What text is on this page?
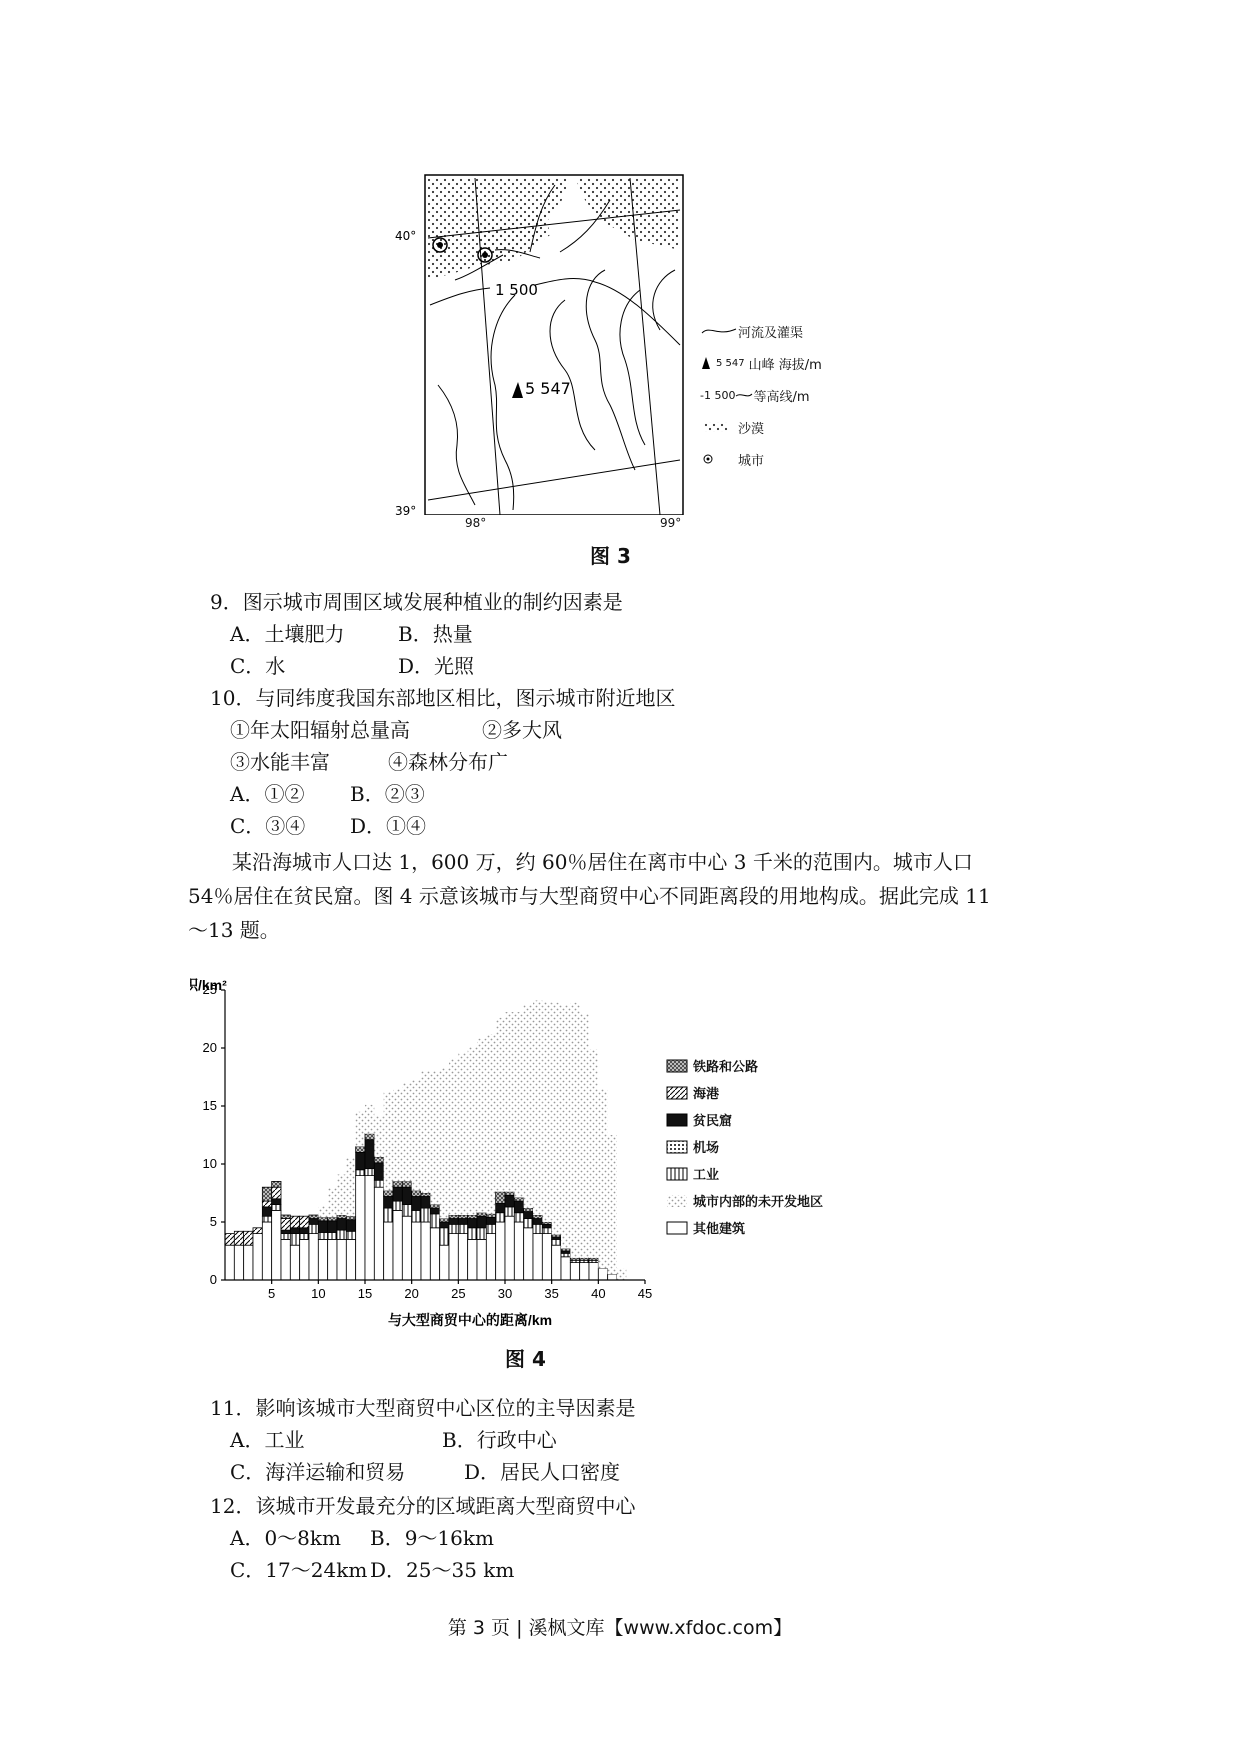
1 500
5 547
40°
39°
98°	99°
河流及灌渠
5 547 山峰 海拔/m
-1 500 等高线/m
沙漠
城市
图 3
9．图示城市周围区域发展种植业的制约因素是
A．土壤肥力	B．热量
C．水	D．光照
10．与同纬度我国东部地区相比，图示城市附近地区
①年太阳辐射总量高	②多大风
③水能丰富	④森林分布广
A．①② B．②③
C．③④ D．①④
某沿海城市人口达 1，600 万，约 60％居住在离市中心 3 千米的范围内。城市人口
54％居住在贫民窟。图 4 示意该城市与大型商贸中心不同距离段的用地构成。据此完成 11
～13 题。
积/km²
0
5
10
15
20
25
5	10 15 20 25 30 35 40 45
与大型商贸中心的距离/km
铁路和公路
海港
贫民窟
机场
工业
城市内部的未开发地区
其他建筑
图 4
11．影响该城市大型商贸中心区位的主导因素是
A．工业	B．行政中心
C．海洋运输和贸易	D．居民人口密度
12．该城市开发最充分的区域距离大型商贸中心
A．0～8km B．9～16km
C．17～24km D．25～35 km
第 3 页 | 溪枫文库【www.xfdoc.com】
